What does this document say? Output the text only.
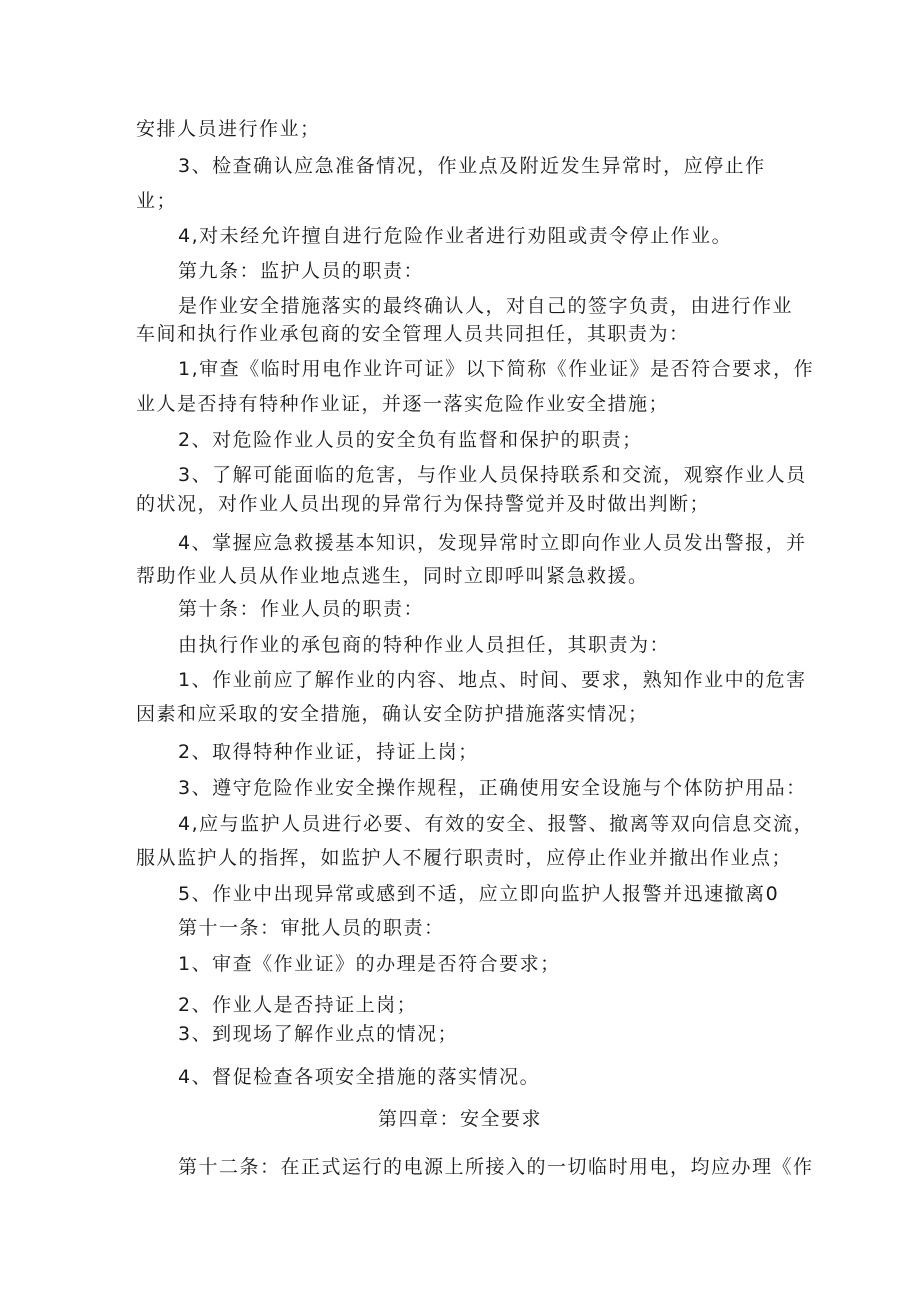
安排人员进行作业；
3、检查确认应急准备情况，作业点及附近发生异常时，应停止作
业；
4,对未经允许擅自进行危险作业者进行劝阻或责令停止作业。
第九条：监护人员的职责：
是作业安全措施落实的最终确认人，对自己的签字负责，由进行作业
车间和执行作业承包商的安全管理人员共同担任，其职责为：
1,审查《临时用电作业许可证》以下简称《作业证》是否符合要求，作
业人是否持有特种作业证，并逐一落实危险作业安全措施；
2、对危险作业人员的安全负有监督和保护的职责；
3、了解可能面临的危害，与作业人员保持联系和交流，观察作业人员
的状况，对作业人员出现的异常行为保持警觉并及时做出判断；
4、掌握应急救援基本知识，发现异常时立即向作业人员发出警报，并
帮助作业人员从作业地点逃生，同时立即呼叫紧急救援。
第十条：作业人员的职责：
由执行作业的承包商的特种作业人员担任，其职责为：
1、作业前应了解作业的内容、地点、时间、要求，熟知作业中的危害
因素和应采取的安全措施，确认安全防护措施落实情况；
2、取得特种作业证，持证上岗；
3、遵守危险作业安全操作规程，正确使用安全设施与个体防护用品：
4,应与监护人员进行必要、有效的安全、报警、撤离等双向信息交流，
服从监护人的指挥，如监护人不履行职责时，应停止作业并撤出作业点；
5、作业中出现异常或感到不适，应立即向监护人报警并迅速撤离0
第十一条：审批人员的职责：
1、审查《作业证》的办理是否符合要求；
2、作业人是否持证上岗；
3、到现场了解作业点的情况；
4、督促检查各项安全措施的落实情况。
第四章：安全要求
第十二条：在正式运行的电源上所接入的一切临时用电，均应办理《作
